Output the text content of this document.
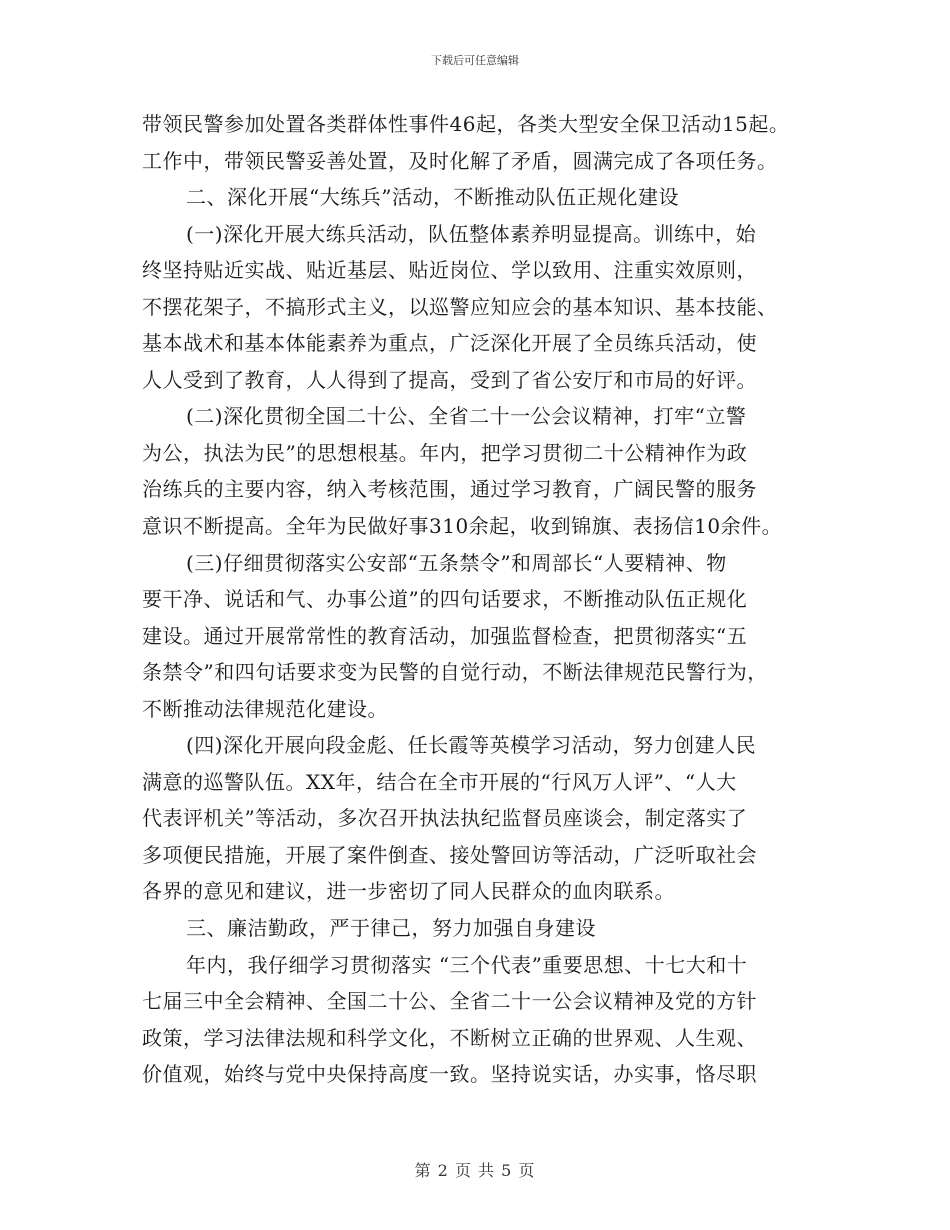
下载后可任意编辑
带领民警参加处置各类群体性事件46起，各类大型安全保卫活动15起。
工作中，带领民警妥善处置，及时化解了矛盾，圆满完成了各项任务。
二、深化开展“大练兵”活动，不断推动队伍正规化建设
(一)深化开展大练兵活动，队伍整体素养明显提高。训练中，始
终坚持贴近实战、贴近基层、贴近岗位、学以致用、注重实效原则，
不摆花架子，不搞形式主义，以巡警应知应会的基本知识、基本技能、
基本战术和基本体能素养为重点，广泛深化开展了全员练兵活动，使
人人受到了教育，人人得到了提高，受到了省公安厅和市局的好评。
(二)深化贯彻全国二十公、全省二十一公会议精神，打牢“立警
为公，执法为民”的思想根基。年内，把学习贯彻二十公精神作为政
治练兵的主要内容，纳入考核范围，通过学习教育，广阔民警的服务
意识不断提高。全年为民做好事310余起，收到锦旗、表扬信10余件。
(三)仔细贯彻落实公安部“五条禁令”和周部长“人要精神、物
要干净、说话和气、办事公道”的四句话要求，不断推动队伍正规化
建设。通过开展常常性的教育活动，加强监督检查，把贯彻落实“五
条禁令”和四句话要求变为民警的自觉行动，不断法律规范民警行为，
不断推动法律规范化建设。
(四)深化开展向段金彪、任长霞等英模学习活动，努力创建人民
满意的巡警队伍。XX年，结合在全市开展的“行风万人评”、“人大
代表评机关”等活动，多次召开执法执纪监督员座谈会，制定落实了
多项便民措施，开展了案件倒查、接处警回访等活动，广泛听取社会
各界的意见和建议，进一步密切了同人民群众的血肉联系。
三、廉洁勤政，严于律己，努力加强自身建设
年内，我仔细学习贯彻落实 “三个代表”重要思想、十七大和十
七届三中全会精神、全国二十公、全省二十一公会议精神及党的方针
政策，学习法律法规和科学文化，不断树立正确的世界观、人生观、
价值观，始终与党中央保持高度一致。坚持说实话，办实事，恪尽职
第 2 页 共 5 页
